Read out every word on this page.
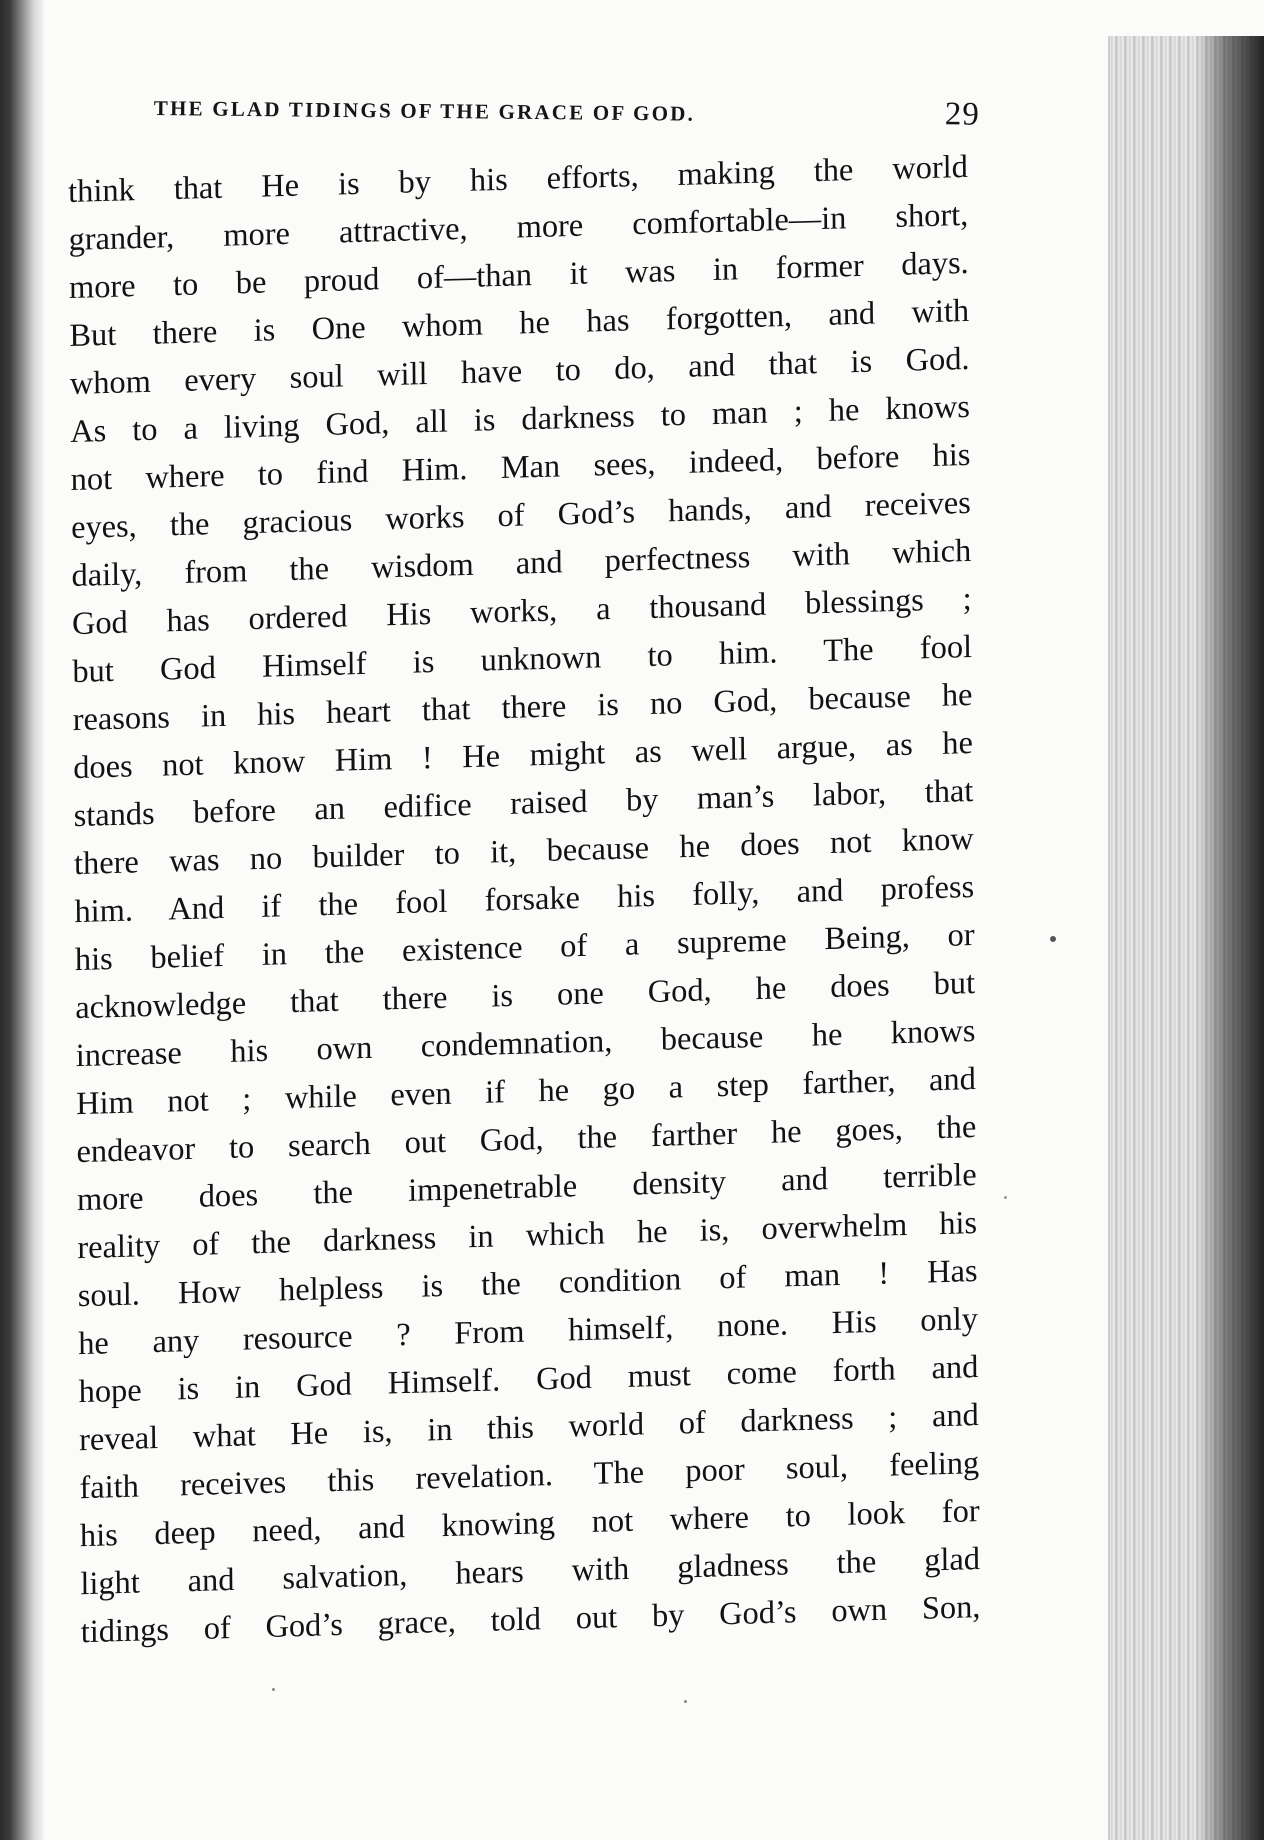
THE GLAD TIDINGS OF THE GRACE OF GOD.	29
think that He is by his efforts, making the world
grander, more attractive, more comfortable—in short,
more to be proud of—than it was in former days.
But there is One whom he has forgotten, and with
whom every soul will have to do, and that is God.
As to a living God, all is darkness to man ; he knows
not where to find Him. Man sees, indeed, before his
eyes, the gracious works of God’s hands, and receives
daily, from the wisdom and perfectness with which
God has ordered His works, a thousand blessings ;
but God Himself is unknown to him. The fool
reasons in his heart that there is no God, because he
does not know Him ! He might as well argue, as he
stands before an edifice raised by man’s labor, that
there was no builder to it, because he does not know
him. And if the fool forsake his folly, and profess
his belief in the existence of a supreme Being, or
acknowledge that there is one God, he does but
increase his own condemnation, because he knows
Him not ; while even if he go a step farther, and
endeavor to search out God, the farther he goes, the
more does the impenetrable density and terrible
reality of the darkness in which he is, overwhelm his
soul. How helpless is the condition of man ! Has
he any resource ? From himself, none. His only
hope is in God Himself. God must come forth and
reveal what He is, in this world of darkness ; and
faith receives this revelation. The poor soul, feeling
his deep need, and knowing not where to look for
light and salvation, hears with gladness the glad
tidings of God’s grace, told out by God’s own Son,
